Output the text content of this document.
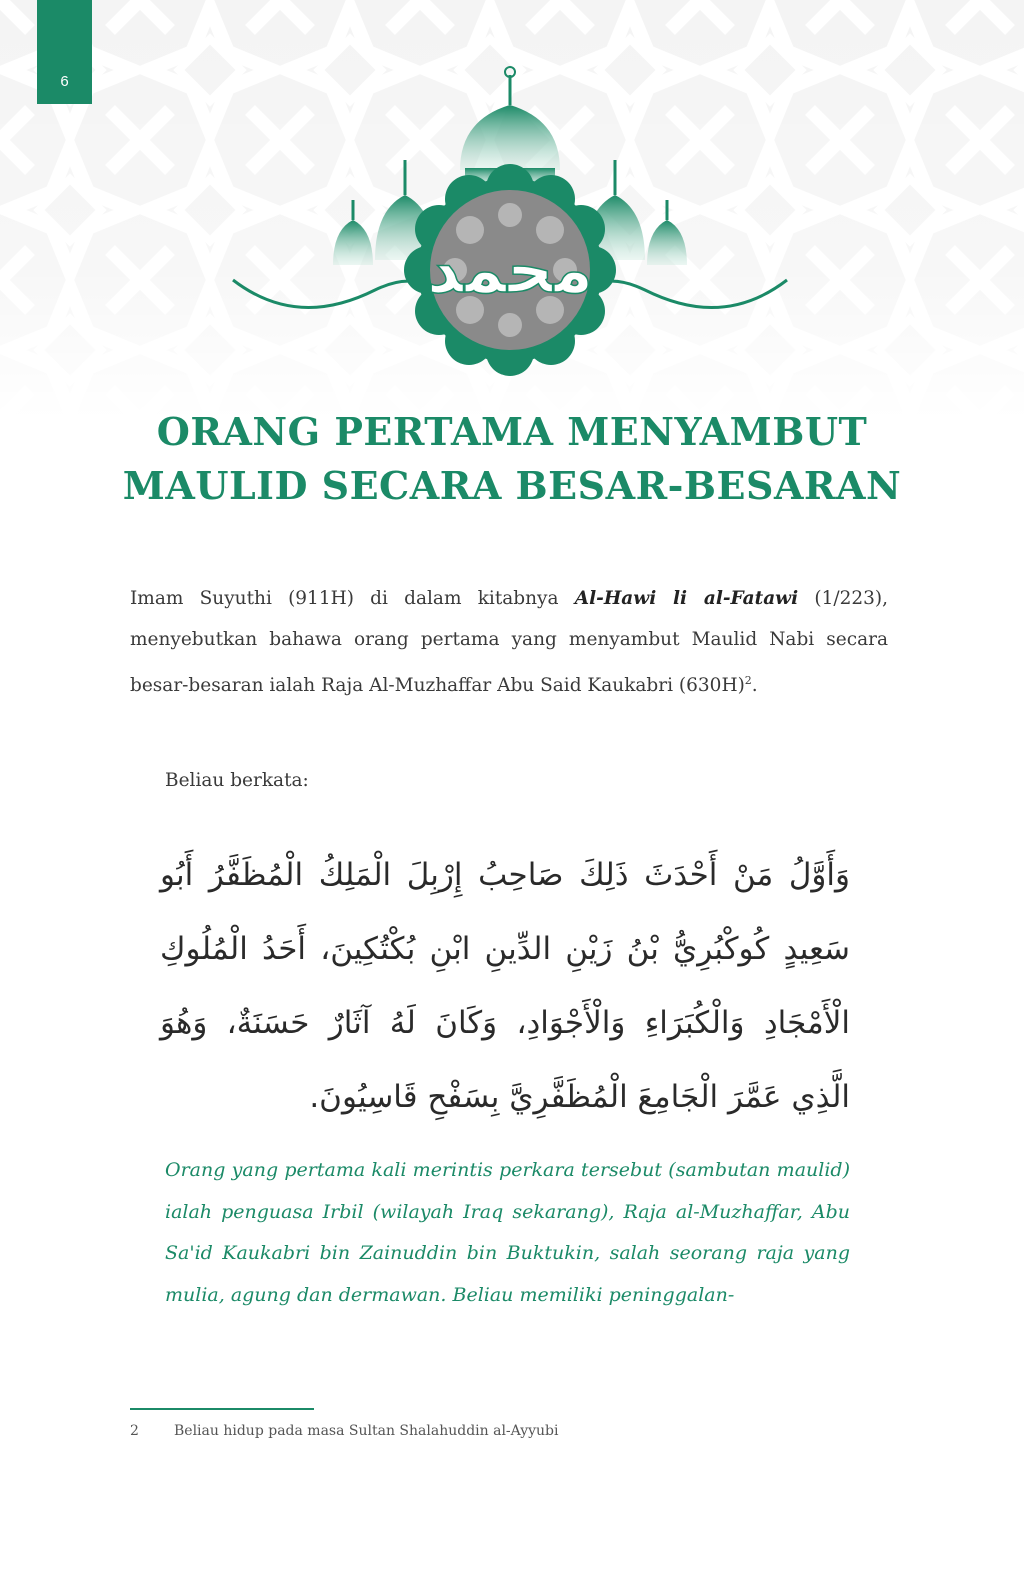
6
محمد
ORANG PERTAMA MENYAMBUT
MAULID SECARA BESAR-BESARAN

Imam Suyuthi (911H) di dalam kitabnya Al-Hawi li al-Fatawi (1/223), menyebutkan bahawa orang pertama yang menyambut Maulid Nabi secara besar-besaran ialah Raja Al-Muzhaffar Abu Said Kaukabri $(630H)^2$.

Beliau berkata:

وَأَوَّلُ مَنْ أَحْدَثَ ذَلِكَ صَاحِبُ إِرْبِلَ الْمَلِكُ الْمُظَفَّرُ أَبُو سَعِيدٍ كُوكْبُرِيُّ بْنُ زَيْنِ الدِّينِ ابْنِ بُكْتُكِينَ، أَحَدُ الْمُلُوكِ الْأَمْجَادِ وَالْكُبَرَاءِ وَالْأَجْوَادِ، وَكَانَ لَهُ آثَارٌ حَسَنَةٌ، وَهُوَ الَّذِي عَمَّرَ الْجَامِعَ الْمُظَفَّرِيَّ بِسَفْحِ قَاسِيُونَ.

Orang yang pertama kali merintis perkara tersebut (sambutan maulid) ialah penguasa Irbil (wilayah Iraq sekarang), Raja al-Muzhaffar, Abu Sa'id Kaukabri bin Zainuddin bin Buktukin, salah seorang raja yang mulia, agung dan dermawan. Beliau memiliki peninggalan-

2	Beliau hidup pada masa Sultan Shalahuddin al-Ayyubi
